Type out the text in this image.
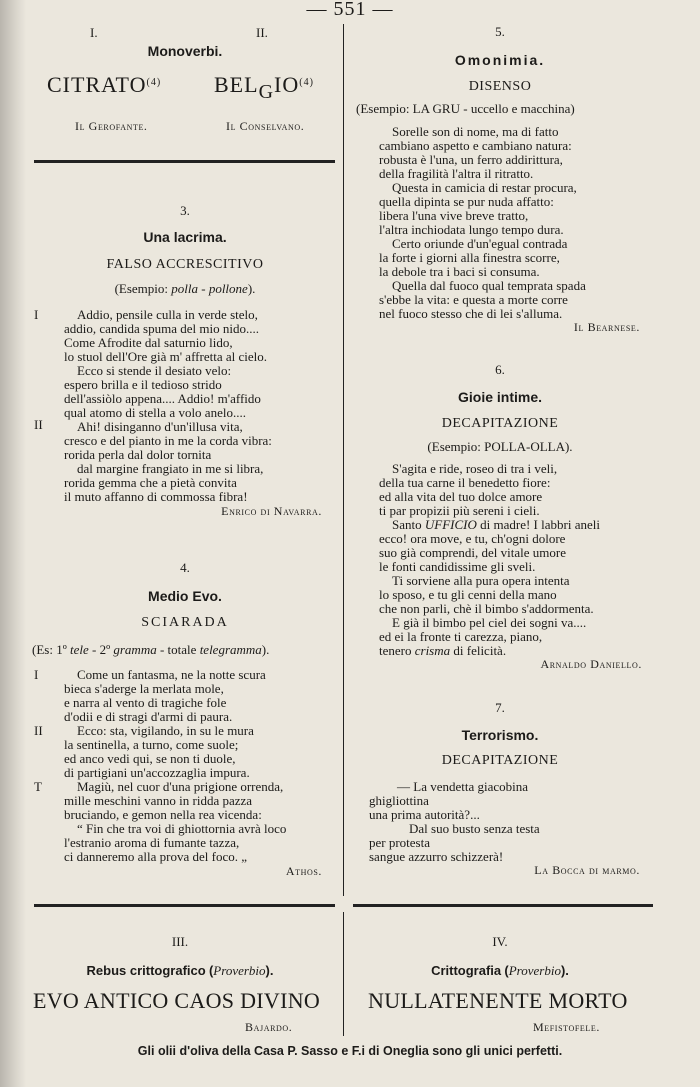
— 551 —
I.	II.
Monoverbi.
CITRATO$^{(4)}$ $BEL_GIO^{(4)}$
Il Gerofante.	Il Conselvano.
3.
Una lacrima.
FALSO ACCRESCITIVO
(Esempio: polla - pollone).
I
II
Addio, pensile culla in verde stelo,
addio, candida spuma del mio nido....
Come Afrodite dal saturnio lido,
lo stuol dell'Ore già m' affretta al cielo.
Ecco si stende il desiato velo:
espero brilla e il tedioso strido
dell'assiòlo appena.... Addio! m'affido
qual atomo di stella a volo anelo....
Ahi! disinganno d'un'illusa vita,
cresco e del pianto in me la corda vibra:
rorida perla dal dolor tornita
dal margine frangiato in me si libra,
rorida gemma che a pietà convita
il muto affanno di commossa fibra!
Enrico di Navarra.
4.
Medio Evo.
SCIARADA
(Es: 1º tele - 2º gramma - totale telegramma).
I
II
T
Come un fantasma, ne la notte scura
bieca s'aderge la merlata mole,
e narra al vento di tragiche fole
d'odii e di stragi d'armi di paura.
Ecco: sta, vigilando, in su le mura
la sentinella, a turno, come suole;
ed anco vedi qui, se non ti duole,
di partigiani un'accozzaglia impura.
Magiù, nel cuor d'una prigione orrenda,
mille meschini vanno in ridda pazza
bruciando, e gemon nella rea vicenda:
“ Fin che tra voi di ghiottornia avrà loco
l'estranio aroma di fumante tazza,
ci danneremo alla prova del foco. „
Athos.
5.
Omonimia.
DISENSO
(Esempio: LA GRU - uccello e macchina)
Sorelle son di nome, ma di fatto
cambiano aspetto e cambiano natura:
robusta è l'una, un ferro addirittura,
della fragilità l'altra il ritratto.
Questa in camicia di restar procura,
quella dipinta se pur nuda affatto:
libera l'una vive breve tratto,
l'altra inchiodata lungo tempo dura.
Certo oriunde d'un'egual contrada
la forte i giorni alla finestra scorre,
la debole tra i baci si consuma.
Quella dal fuoco qual temprata spada
s'ebbe la vita: e questa a morte corre
nel fuoco stesso che di lei s'alluma.
Il Bearnese.
6.
Gioie intime.
DECAPITAZIONE
(Esempio: POLLA-OLLA).
S'agita e ride, roseo di tra i veli,
della tua carne il benedetto fiore:
ed alla vita del tuo dolce amore
ti par propizii più sereni i cieli.
Santo UFFICIO di madre! I labbri aneli
ecco! ora move, e tu, ch'ogni dolore
suo già comprendi, del vitale umore
le fonti candidissime gli sveli.
Ti sorviene alla pura opera intenta
lo sposo, e tu gli cenni della mano
che non parli, chè il bimbo s'addormenta.
E già il bimbo pel ciel dei sogni va....
ed ei la fronte ti carezza, piano,
tenero crisma di felicità.
Arnaldo Daniello.
7.
Terrorismo.
DECAPITAZIONE
— La vendetta giacobina
ghigliottina
una prima autorità?...
Dal suo busto senza testa
per protesta
sangue azzurro schizzerà!
La Bocca di marmo.
III.	IV.
Rebus crittografico (Proverbio).	Crittografia (Proverbio).
EVO ANTICO CAOS DIVINO NULLATENENTE MORTO
Bajardo.	Mefistofele.
Gli olii d'oliva della Casa P. Sasso e F.i di Oneglia sono gli unici perfetti.
